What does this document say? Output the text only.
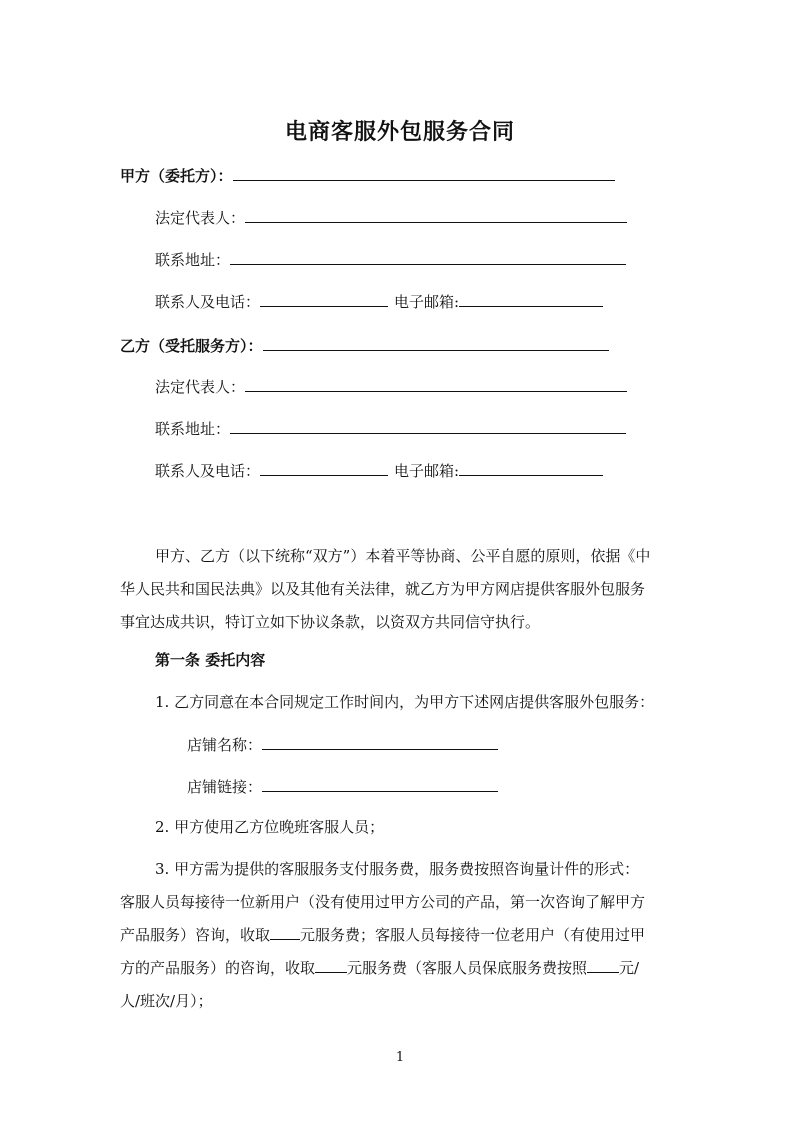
电商客服外包服务合同
甲方（委托方）：
法定代表人：
联系地址：
联系人及电话：	电子邮箱:
乙方（受托服务方）：
法定代表人：
联系地址：
联系人及电话：	电子邮箱:
甲方、乙方（以下统称“双方”）本着平等协商、公平自愿的原则，依据《中
华人民共和国民法典》以及其他有关法律，就乙方为甲方网店提供客服外包服务
事宜达成共识，特订立如下协议条款，以资双方共同信守执行。
第一条 委托内容
1. 乙方同意在本合同规定工作时间内，为甲方下述网店提供客服外包服务：
店铺名称：
店铺链接：
2. 甲方使用乙方位晚班客服人员；
3. 甲方需为提供的客服服务支付服务费，服务费按照咨询量计件的形式：
客服人员每接待一位新用户（没有使用过甲方公司的产品，第一次咨询了解甲方
产品服务）咨询，收取 元服务费；客服人员每接待一位老用户（有使用过甲
方的产品服务）的咨询，收取 元服务费（客服人员保底服务费按照 元/
人/班次/月）；
1
